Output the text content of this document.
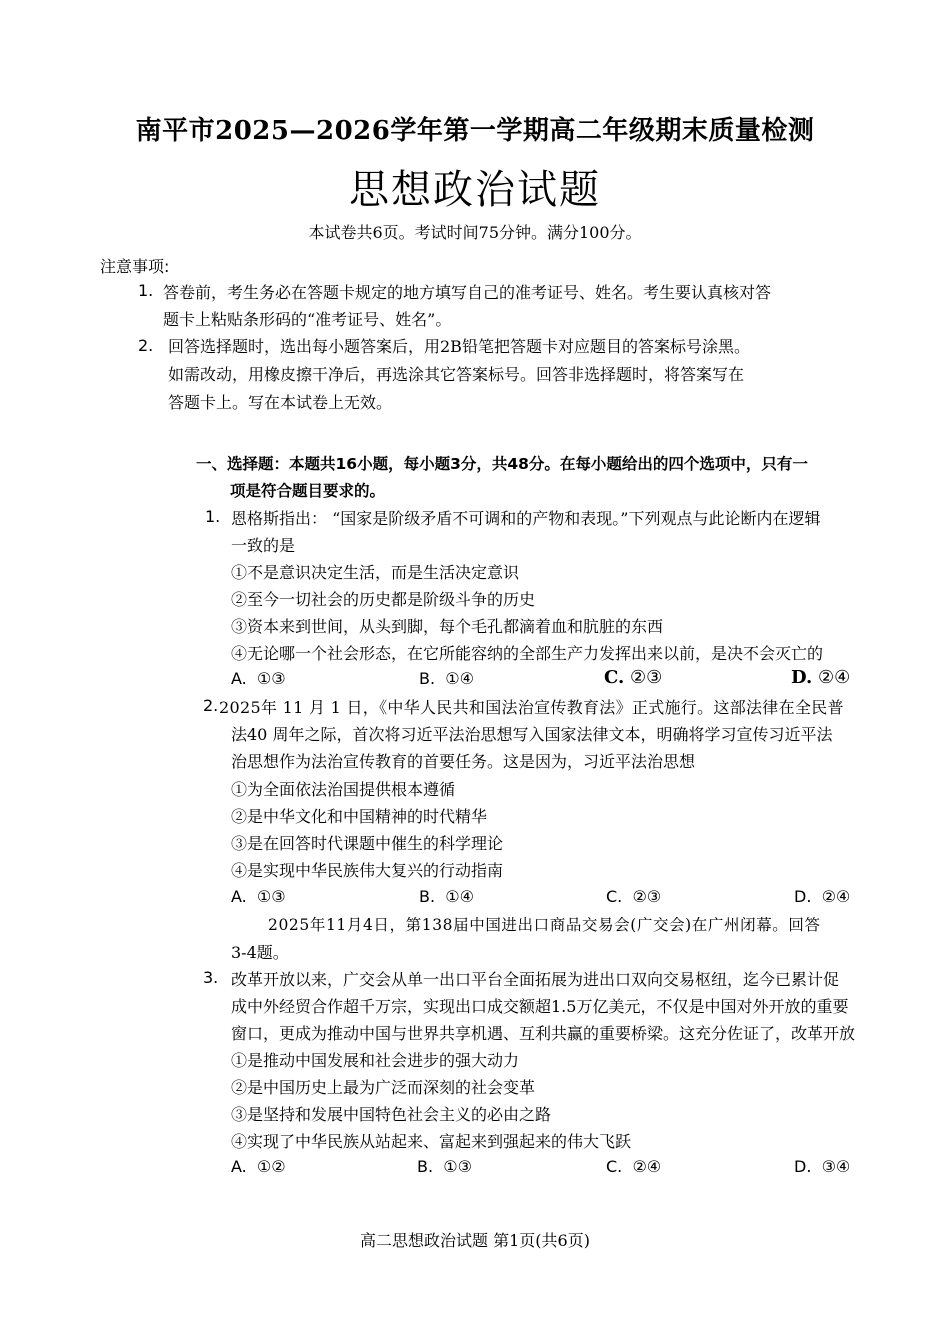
南平市2025—2026学年第一学期高二年级期末质量检测
思想政治试题
本试卷共6页。考试时间75分钟。满分100分。
注意事项:
1. 答卷前，考生务必在答题卡规定的地方填写自己的准考证号、姓名。考生要认真核对答
题卡上粘贴条形码的“准考证号、姓名”。
2. 回答选择题时，选出每小题答案后，用2B铅笔把答题卡对应题目的答案标号涂黑。
如需改动，用橡皮擦干净后，再选涂其它答案标号。回答非选择题时，将答案写在
答题卡上。写在本试卷上无效。
一、选择题：本题共16小题，每小题3分，共48分。在每小题给出的四个选项中，只有一
项是符合题目要求的。
1. 恩格斯指出： “国家是阶级矛盾不可调和的产物和表现。”下列观点与此论断内在逻辑
一致的是
①不是意识决定生活，而是生活决定意识
②至今一切社会的历史都是阶级斗争的历史
③资本来到世间，从头到脚，每个毛孔都滴着血和肮脏的东西
④无论哪一个社会形态，在它所能容纳的全部生产力发挥出来以前，是决不会灭亡的
A. ①③	B. ①④	C. ②③	D. ②④
2. 2025年 11 月 1 日，《中华人民共和国法治宣传教育法》正式施行。这部法律在全民普
法40 周年之际，首次将习近平法治思想写入国家法律文本，明确将学习宣传习近平法
治思想作为法治宣传教育的首要任务。这是因为，习近平法治思想
①为全面依法治国提供根本遵循
②是中华文化和中国精神的时代精华
③是在回答时代课题中催生的科学理论
④是实现中华民族伟大复兴的行动指南
A. ①③	B. ①④	C. ②③	D. ②④
2025年11月4日，第138届中国进出口商品交易会(广交会)在广州闭幕。回答
3-4题。
3. 改革开放以来，广交会从单一出口平台全面拓展为进出口双向交易枢纽，迄今已累计促
成中外经贸合作超千万宗，实现出口成交额超1.5万亿美元，不仅是中国对外开放的重要
窗口，更成为推动中国与世界共享机遇、互利共赢的重要桥梁。这充分佐证了，改革开放
①是推动中国发展和社会进步的强大动力
②是中国历史上最为广泛而深刻的社会变革
③是坚持和发展中国特色社会主义的必由之路
④实现了中华民族从站起来、富起来到强起来的伟大飞跃
A. ①②	B. ①③	C. ②④	D. ③④
高二思想政治试题 第1页(共6页)
